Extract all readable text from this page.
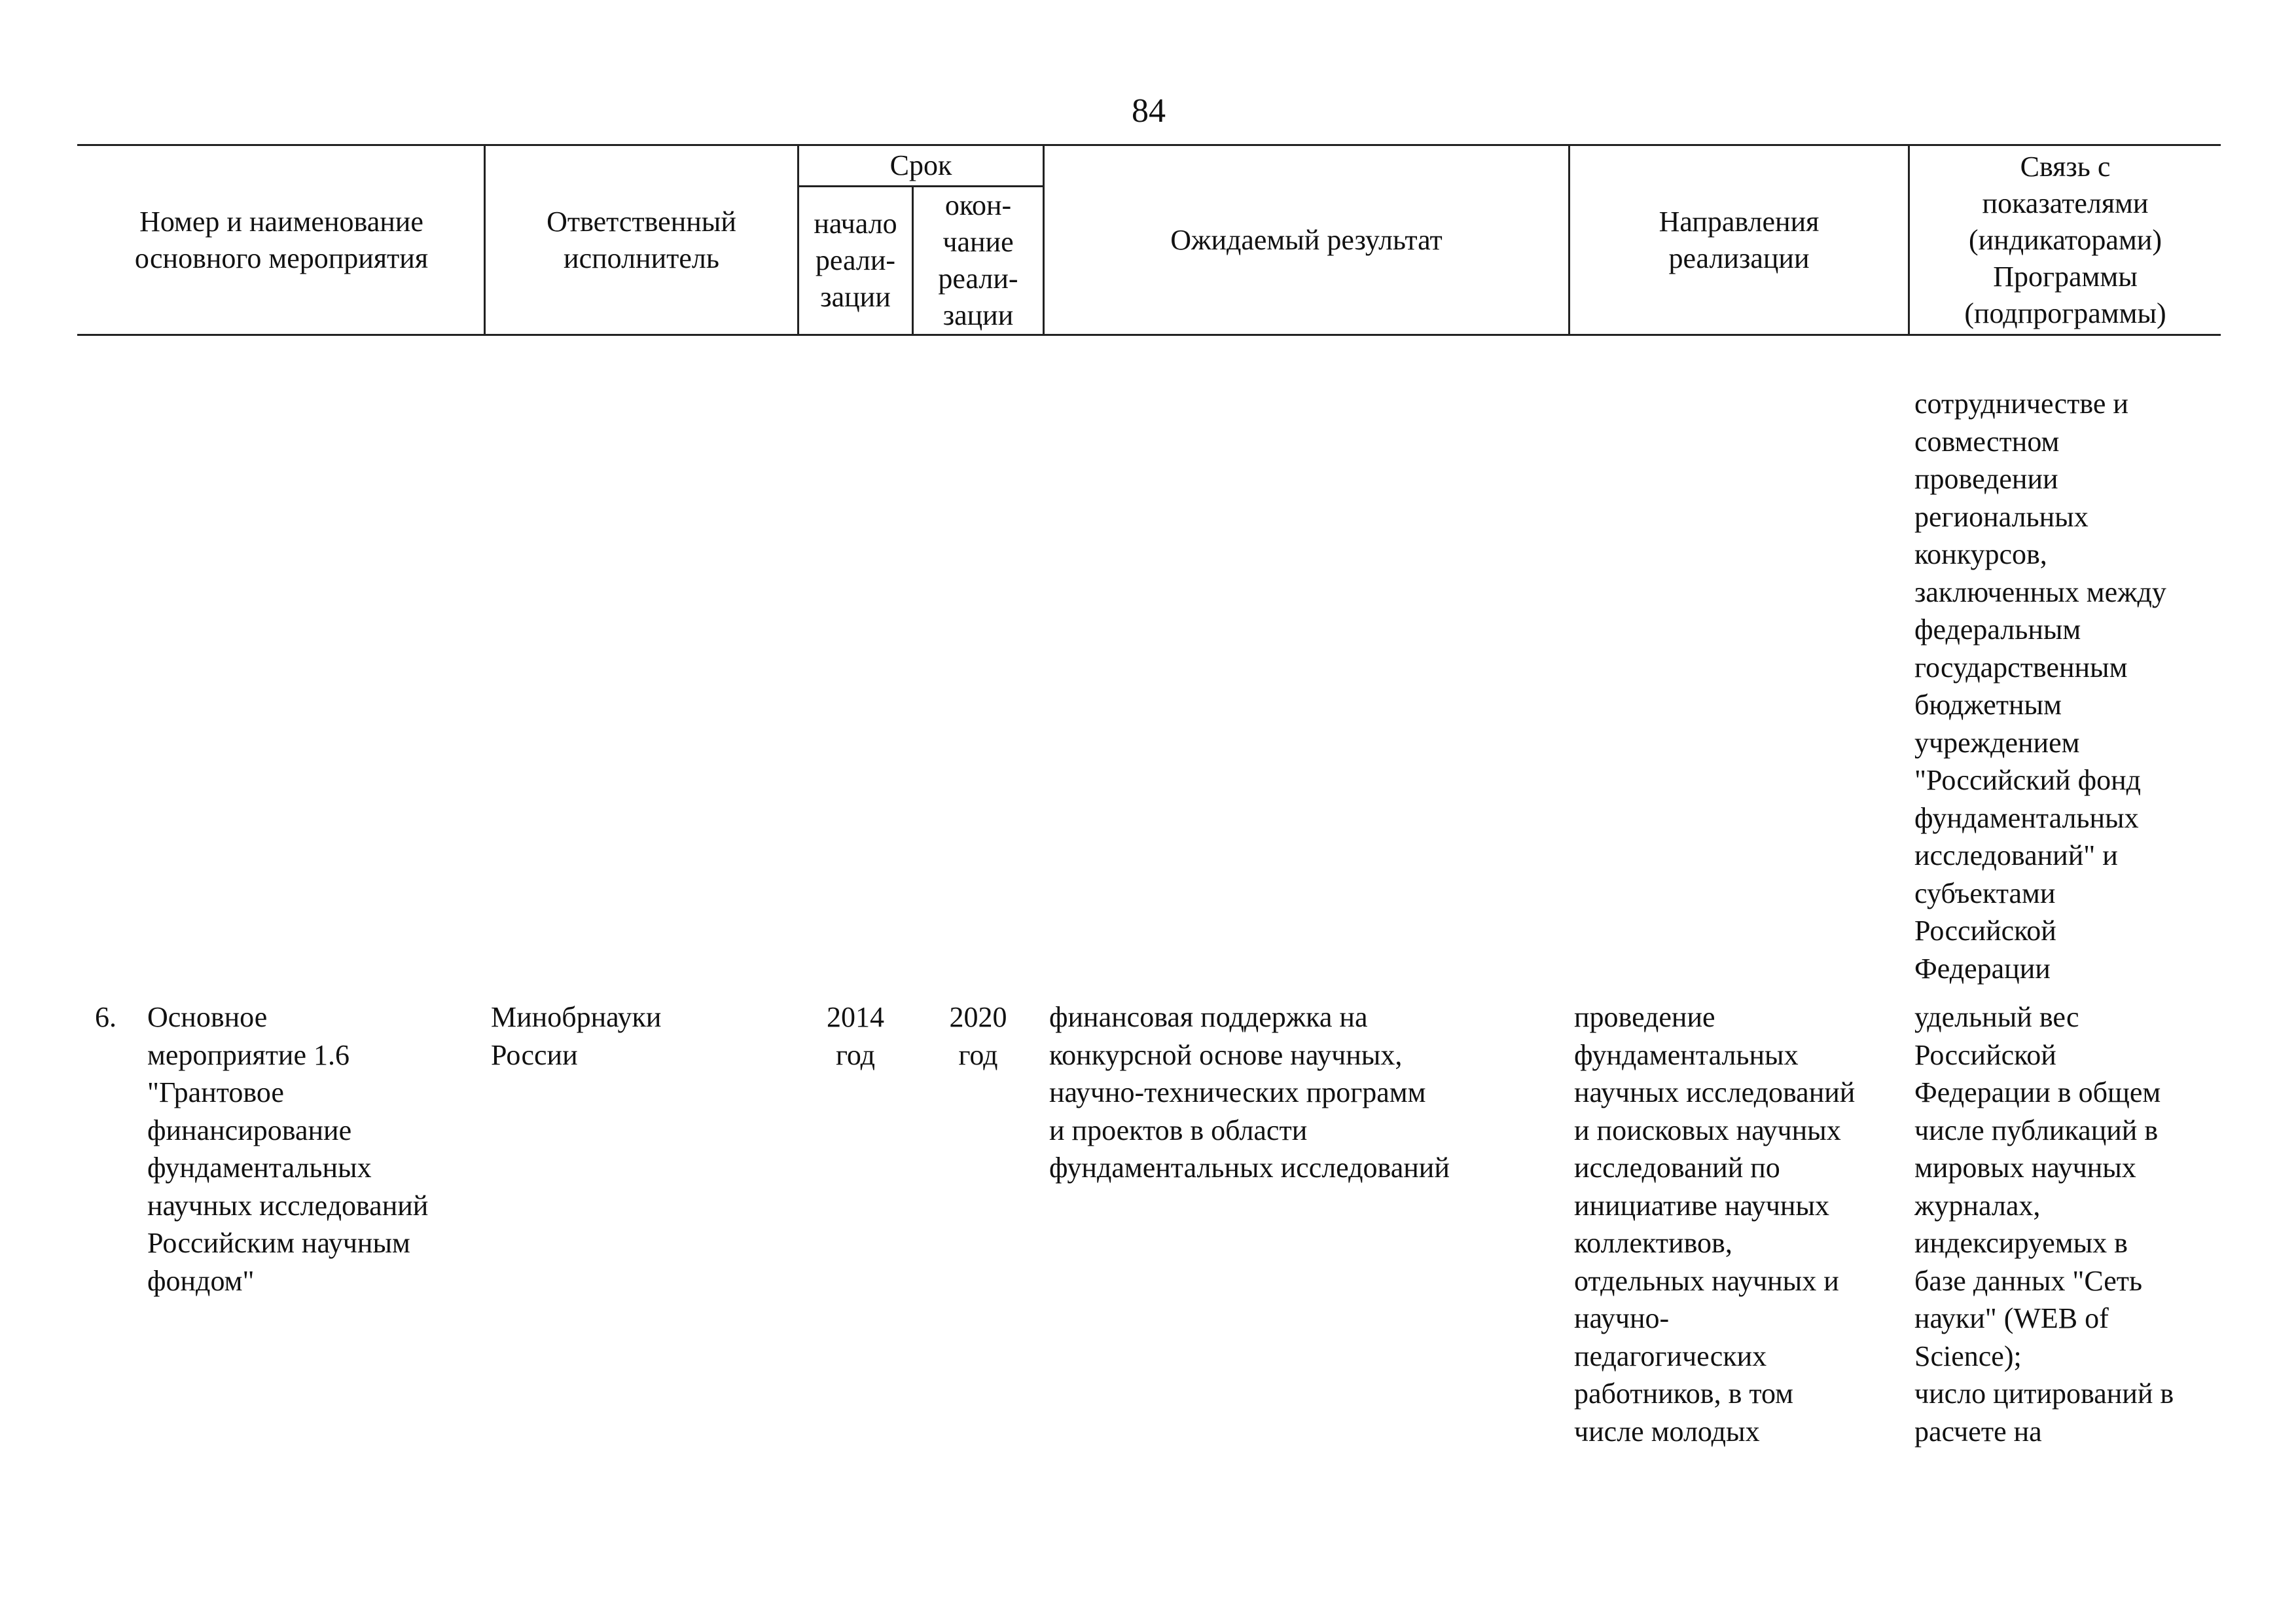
84
Номер и наименование
основного мероприятия
Ответственный
исполнитель
Срок
начало
реали-
зации
окон-
чание
реали-
зации
Ожидаемый результат
Направления
реализации
Связь с
показателями
(индикаторами)
Программы
(подпрограммы)
сотрудничестве и
совместном
проведении
региональных
конкурсов,
заключенных между
федеральным
государственным
бюджетным
учреждением
"Российский фонд
фундаментальных
исследований" и
субъектами
Российской
Федерации
6.	Основное
мероприятие 1.6
"Грантовое
финансирование
фундаментальных
научных исследований
Российским научным
фондом"
Минобрнауки
России
2014
год
2020
год
финансовая поддержка на
конкурсной основе научных,
научно-технических программ
и проектов в области
фундаментальных исследований
проведение
фундаментальных
научных исследований
и поисковых научных
исследований по
инициативе научных
коллективов,
отдельных научных и
научно-
педагогических
работников, в том
числе молодых
удельный вес
Российской
Федерации в общем
числе публикаций в
мировых научных
журналах,
индексируемых в
базе данных "Сеть
науки" (WEB of
Science);
число цитирований в
расчете на
